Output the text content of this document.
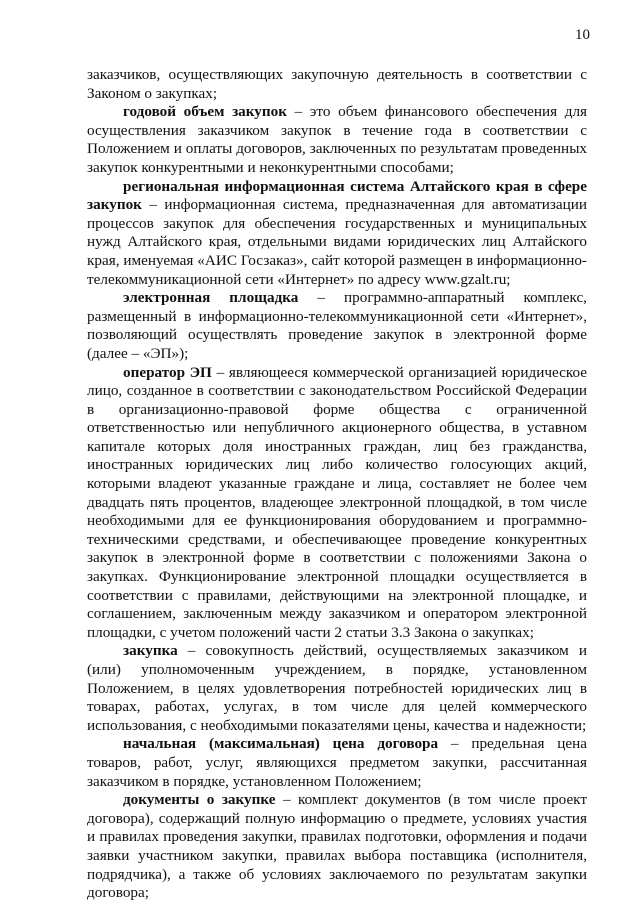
10

заказчиков, осуществляющих закупочную деятельность в соответствии с Законом о закупках;

годовой объем закупок – это объем финансового обеспечения для осуществления заказчиком закупок в течение года в соответствии с Положением и оплаты договоров, заключенных по результатам проведенных закупок конкурентными и неконкурентными способами;

региональная информационная система Алтайского края в сфере закупок – информационная система, предназначенная для автоматизации процессов закупок для обеспечения государственных и муниципальных нужд Алтайского края, отдельными видами юридических лиц Алтайского края, именуемая «АИС Госзаказ», сайт которой размещен в информационно-телекоммуникационной сети «Интернет» по адресу www.gzalt.ru;

электронная площадка – программно-аппаратный комплекс, размещенный в информационно-телекоммуникационной сети «Интернет», позволяющий осуществлять проведение закупок в электронной форме (далее – «ЭП»);

оператор ЭП – являющееся коммерческой организацией юридическое лицо, созданное в соответствии с законодательством Российской Федерации в организационно-правовой форме общества с ограниченной ответственностью или непубличного акционерного общества, в уставном капитале которых доля иностранных граждан, лиц без гражданства, иностранных юридических лиц либо количество голосующих акций, которыми владеют указанные граждане и лица, составляет не более чем двадцать пять процентов, владеющее электронной площадкой, в том числе необходимыми для ее функционирования оборудованием и программно-техническими средствами, и обеспечивающее проведение конкурентных закупок в электронной форме в соответствии с положениями Закона о закупках. Функционирование электронной площадки осуществляется в соответствии с правилами, действующими на электронной площадке, и соглашением, заключенным между заказчиком и оператором электронной площадки, с учетом положений части 2 статьи 3.3 Закона о закупках;

закупка – совокупность действий, осуществляемых заказчиком и (или) уполномоченным учреждением, в порядке, установленном Положением, в целях удовлетворения потребностей юридических лиц в товарах, работах, услугах, в том числе для целей коммерческого использования, с необходимыми показателями цены, качества и надежности;

начальная (максимальная) цена договора – предельная цена товаров, работ, услуг, являющихся предметом закупки, рассчитанная заказчиком в порядке, установленном Положением;

документы о закупке – комплект документов (в том числе проект договора), содержащий полную информацию о предмете, условиях участия и правилах проведения закупки, правилах подготовки, оформления и подачи заявки участником закупки, правилах выбора поставщика (исполнителя, подрядчика), а также об условиях заключаемого по результатам закупки договора;
